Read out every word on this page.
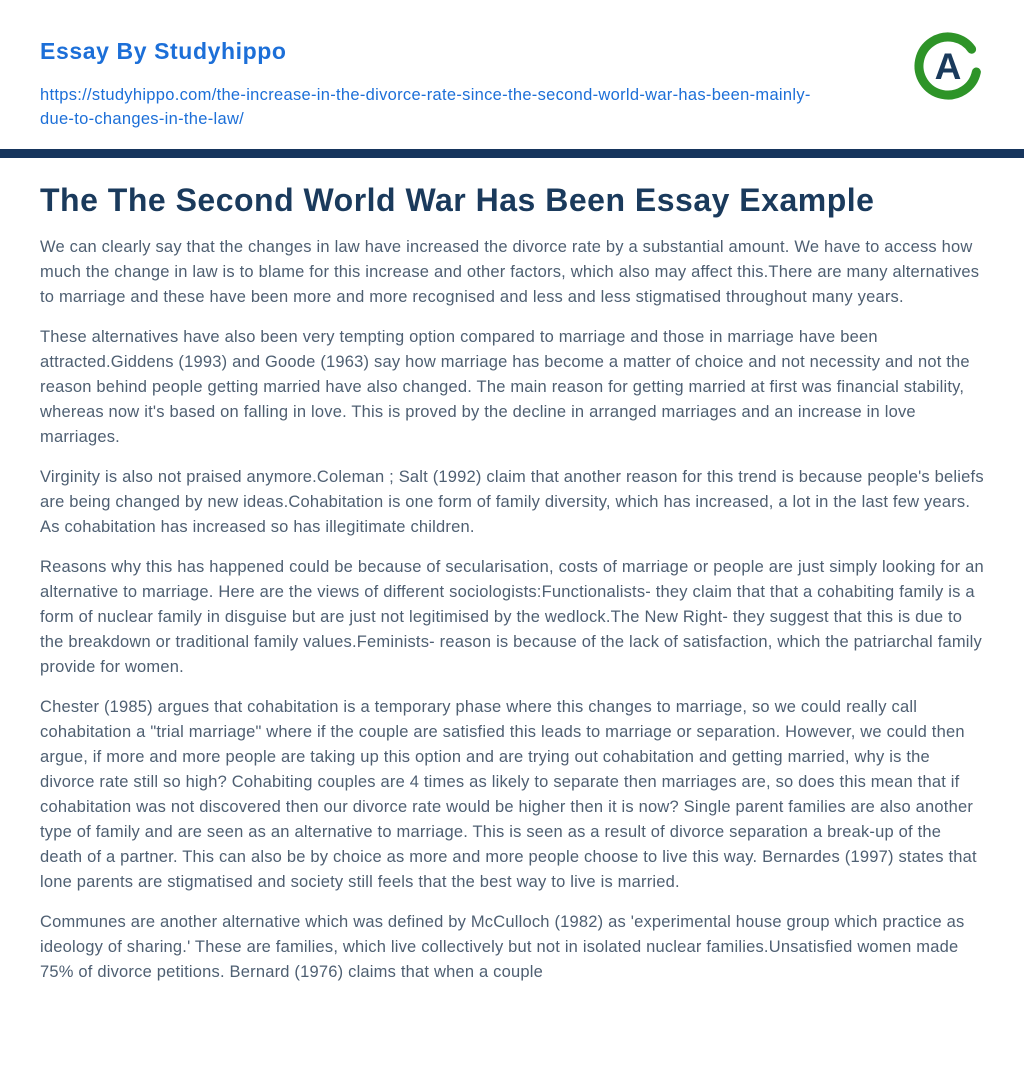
Essay By Studyhippo
https://studyhippo.com/the-increase-in-the-divorce-rate-since-the-second-world-war-has-been-mainly-due-to-changes-in-the-law/
A
The The Second World War Has Been Essay Example

We can clearly say that the changes in law have increased the divorce rate by a substantial amount. We have to access how much the change in law is to blame for this increase and other factors, which also may affect this.There are many alternatives to marriage and these have been more and more recognised and less and less stigmatised throughout many years.

These alternatives have also been very tempting option compared to marriage and those in marriage have been attracted.Giddens (1993) and Goode (1963) say how marriage has become a matter of choice and not necessity and not the reason behind people getting married have also changed. The main reason for getting married at first was financial stability, whereas now it's based on falling in love. This is proved by the decline in arranged marriages and an increase in love marriages.

Virginity is also not praised anymore.Coleman ; Salt (1992) claim that another reason for this trend is because people's beliefs are being changed by new ideas.Cohabitation is one form of family diversity, which has increased, a lot in the last few years. As cohabitation has increased so has illegitimate children.

Reasons why this has happened could be because of secularisation, costs of marriage or people are just simply looking for an alternative to marriage. Here are the views of different sociologists:Functionalists- they claim that that a cohabiting family is a form of nuclear family in disguise but are just not legitimised by the wedlock.The New Right- they suggest that this is due to the breakdown or traditional family values.Feminists- reason is because of the lack of satisfaction, which the patriarchal family provide for women.

Chester (1985) argues that cohabitation is a temporary phase where this changes to marriage, so we could really call cohabitation a "trial marriage" where if the couple are satisfied this leads to marriage or separation. However, we could then argue, if more and more people are taking up this option and are trying out cohabitation and getting married, why is the divorce rate still so high? Cohabiting couples are 4 times as likely to separate then marriages are, so does this mean that if cohabitation was not discovered then our divorce rate would be higher then it is now? Single parent families are also another type of family and are seen as an alternative to marriage. This is seen as a result of divorce separation a break-up of the death of a partner. This can also be by choice as more and more people choose to live this way. Bernardes (1997) states that lone parents are stigmatised and society still feels that the best way to live is married.

Communes are another alternative which was defined by McCulloch (1982) as 'experimental house group which practice as ideology of sharing.' These are families, which live collectively but not in isolated nuclear families.Unsatisfied women made 75% of divorce petitions. Bernard (1976) claims that when a couple
